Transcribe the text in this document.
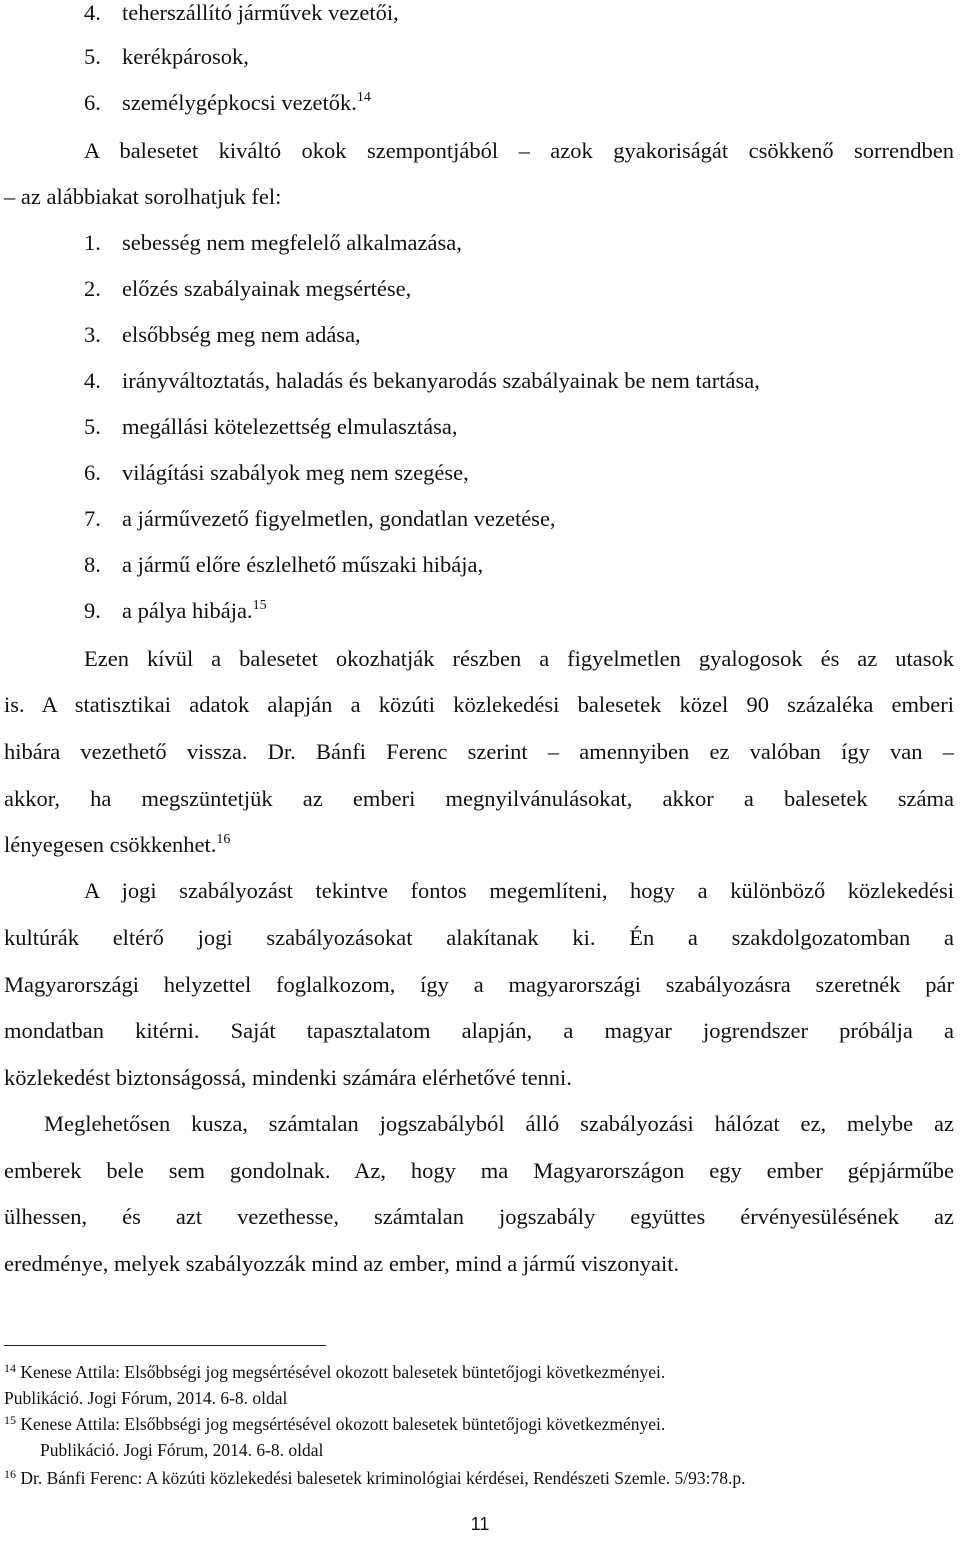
4. teherszállító járművek vezetői,
5. kerékpárosok,
6. személygépkocsi vezetők.$^{14}$
A balesetet kiváltó okok szempontjából – azok gyakoriságát csökkenő sorrendben
– az alábbiakat sorolhatjuk fel:
1. sebesség nem megfelelő alkalmazása,
2. előzés szabályainak megsértése,
3. elsőbbség meg nem adása,
4. irányváltoztatás, haladás és bekanyarodás szabályainak be nem tartása,
5. megállási kötelezettség elmulasztása,
6. világítási szabályok meg nem szegése,
7. a járművezető figyelmetlen, gondatlan vezetése,
8. a jármű előre észlelhető műszaki hibája,
9. a pálya hibája.$^{15}$
Ezen kívül a balesetet okozhatják részben a figyelmetlen gyalogosok és az utasok
is. A statisztikai adatok alapján a közúti közlekedési balesetek közel 90 százaléka emberi
hibára vezethető vissza. Dr. Bánfi Ferenc szerint – amennyiben ez valóban így van –
akkor, ha megszüntetjük az emberi megnyilvánulásokat, akkor a balesetek száma
lényegesen csökkenhet.$^{16}$
A jogi szabályozást tekintve fontos megemlíteni, hogy a különböző közlekedési
kultúrák eltérő jogi szabályozásokat alakítanak ki. Én a szakdolgozatomban a
Magyarországi helyzettel foglalkozom, így a magyarországi szabályozásra szeretnék pár
mondatban kitérni. Saját tapasztalatom alapján, a magyar jogrendszer próbálja a
közlekedést biztonságossá, mindenki számára elérhetővé tenni.
Meglehetősen kusza, számtalan jogszabályból álló szabályozási hálózat ez, melybe az
emberek bele sem gondolnak. Az, hogy ma Magyarországon egy ember gépjárműbe
ülhessen, és azt vezethesse, számtalan jogszabály együttes érvényesülésének az
eredménye, melyek szabályozzák mind az ember, mind a jármű viszonyait.
$^{14}$ Kenese Attila: Elsőbbségi jog megsértésével okozott balesetek büntetőjogi következményei.
Publikáció. Jogi Fórum, 2014. 6-8. oldal
$^{15}$ Kenese Attila: Elsőbbségi jog megsértésével okozott balesetek büntetőjogi következményei.
Publikáció. Jogi Fórum, 2014. 6-8. oldal
$^{16}$ Dr. Bánfi Ferenc: A közúti közlekedési balesetek kriminológiai kérdései, Rendészeti Szemle. 5/93:78.p.
11
